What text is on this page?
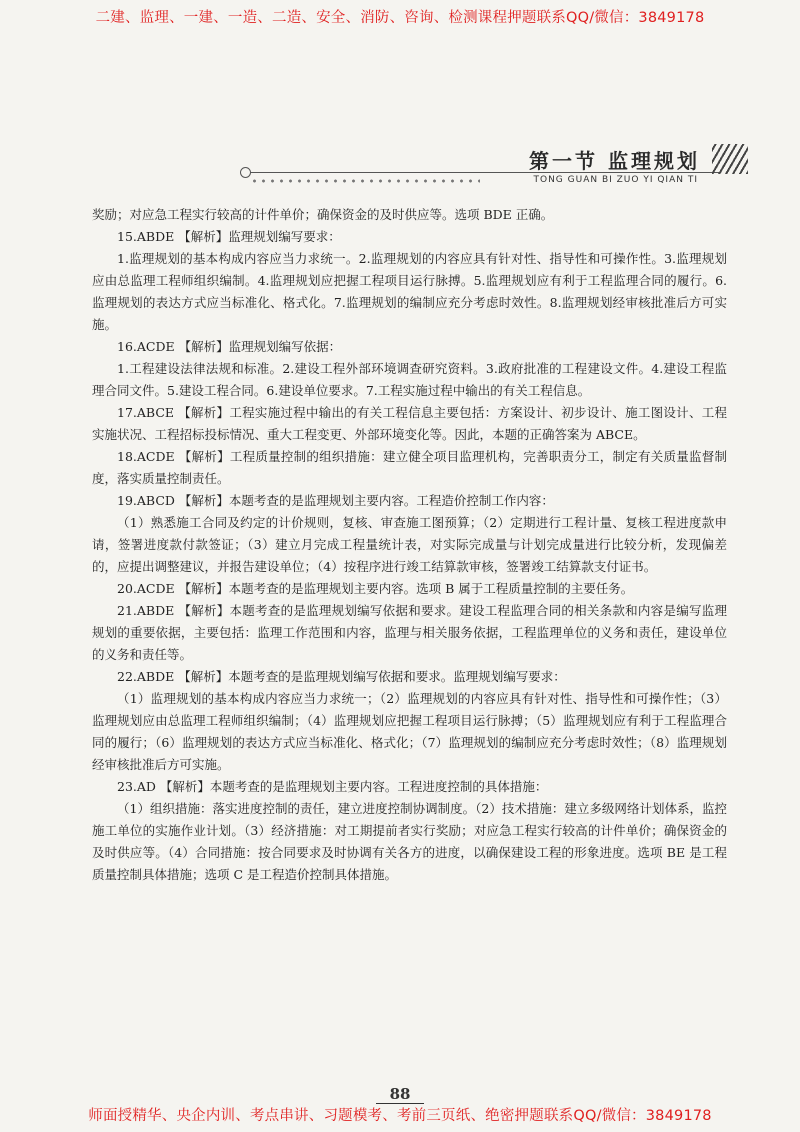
二建、监理、一建、一造、二造、安全、消防、咨询、检测课程押题联系QQ/微信：3849178
第一节 监理规划
TONG GUAN BI ZUO YI QIAN TI

奖励；对应急工程实行较高的计件单价；确保资金的及时供应等。选项 BDE 正确。

15.ABDE 【解析】监理规划编写要求：

1.监理规划的基本构成内容应当力求统一。2.监理规划的内容应具有针对性、指导性和可操作性。3.监理规划应由总监理工程师组织编制。4.监理规划应把握工程项目运行脉搏。5.监理规划应有利于工程监理合同的履行。6.监理规划的表达方式应当标准化、格式化。7.监理规划的编制应充分考虑时效性。8.监理规划经审核批准后方可实施。

16.ACDE 【解析】监理规划编写依据：

1.工程建设法律法规和标准。2.建设工程外部环境调查研究资料。3.政府批准的工程建设文件。4.建设工程监理合同文件。5.建设工程合同。6.建设单位要求。7.工程实施过程中输出的有关工程信息。

17.ABCE 【解析】工程实施过程中输出的有关工程信息主要包括：方案设计、初步设计、施工图设计、工程实施状况、工程招标投标情况、重大工程变更、外部环境变化等。因此，本题的正确答案为 ABCE。

18.ACDE 【解析】工程质量控制的组织措施：建立健全项目监理机构，完善职责分工，制定有关质量监督制度，落实质量控制责任。

19.ABCD 【解析】本题考查的是监理规划主要内容。工程造价控制工作内容：

（1）熟悉施工合同及约定的计价规则，复核、审查施工图预算；（2）定期进行工程计量、复核工程进度款申请，签署进度款付款签证；（3）建立月完成工程量统计表，对实际完成量与计划完成量进行比较分析，发现偏差的，应提出调整建议，并报告建设单位；（4）按程序进行竣工结算款审核，签署竣工结算款支付证书。

20.ACDE 【解析】本题考查的是监理规划主要内容。选项 B 属于工程质量控制的主要任务。

21.ABDE 【解析】本题考查的是监理规划编写依据和要求。建设工程监理合同的相关条款和内容是编写监理规划的重要依据，主要包括：监理工作范围和内容，监理与相关服务依据，工程监理单位的义务和责任，建设单位的义务和责任等。

22.ABDE 【解析】本题考查的是监理规划编写依据和要求。监理规划编写要求：

（1）监理规划的基本构成内容应当力求统一；（2）监理规划的内容应具有针对性、指导性和可操作性；（3）监理规划应由总监理工程师组织编制；（4）监理规划应把握工程项目运行脉搏；（5）监理规划应有利于工程监理合同的履行；（6）监理规划的表达方式应当标准化、格式化；（7）监理规划的编制应充分考虑时效性；（8）监理规划经审核批准后方可实施。

23.AD 【解析】本题考查的是监理规划主要内容。工程进度控制的具体措施：

（1）组织措施：落实进度控制的责任，建立进度控制协调制度。（2）技术措施：建立多级网络计划体系，监控施工单位的实施作业计划。（3）经济措施：对工期提前者实行奖励；对应急工程实行较高的计件单价；确保资金的及时供应等。（4）合同措施：按合同要求及时协调有关各方的进度，以确保建设工程的形象进度。选项 BE 是工程质量控制具体措施；选项 C 是工程造价控制具体措施。

88
师面授精华、央企内训、考点串讲、习题模考、考前三页纸、绝密押题联系QQ/微信：3849178
